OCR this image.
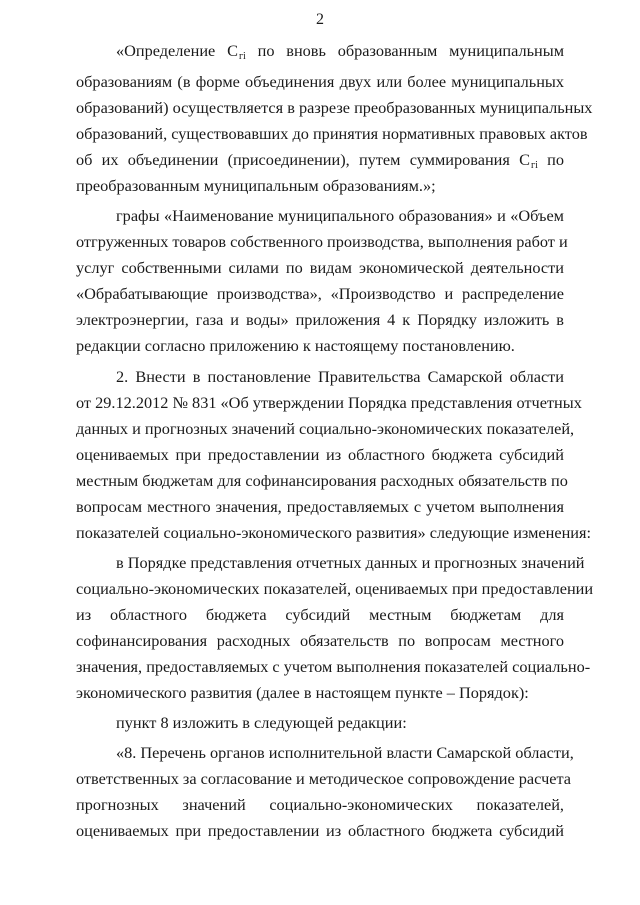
2
«Определение Сгi по вновь образованным муниципальным
образованиям (в форме объединения двух или более муниципальных
образований) осуществляется в разрезе преобразованных муниципальных
образований, существовавших до принятия нормативных правовых актов
об их объединении (присоединении), путем суммирования Сгi по
преобразованным муниципальным образованиям.»;
графы «Наименование муниципального образования» и «Объем
отгруженных товаров собственного производства, выполнения работ и
услуг собственными силами по видам экономической деятельности
«Обрабатывающие производства», «Производство и распределение
электроэнергии, газа и воды» приложения 4 к Порядку изложить в
редакции согласно приложению к настоящему постановлению.
2. Внести в постановление Правительства Самарской области
от 29.12.2012 № 831 «Об утверждении Порядка представления отчетных
данных и прогнозных значений социально-экономических показателей,
оцениваемых при предоставлении из областного бюджета субсидий
местным бюджетам для софинансирования расходных обязательств по
вопросам местного значения, предоставляемых с учетом выполнения
показателей социально-экономического развития» следующие изменения:
в Порядке представления отчетных данных и прогнозных значений
социально-экономических показателей, оцениваемых при предоставлении
из областного бюджета субсидий местным бюджетам для
софинансирования расходных обязательств по вопросам местного
значения, предоставляемых с учетом выполнения показателей социально-
экономического развития (далее в настоящем пункте – Порядок):
пункт 8 изложить в следующей редакции:
«8. Перечень органов исполнительной власти Самарской области,
ответственных за согласование и методическое сопровождение расчета
прогнозных значений социально-экономических показателей,
оцениваемых при предоставлении из областного бюджета субсидий
